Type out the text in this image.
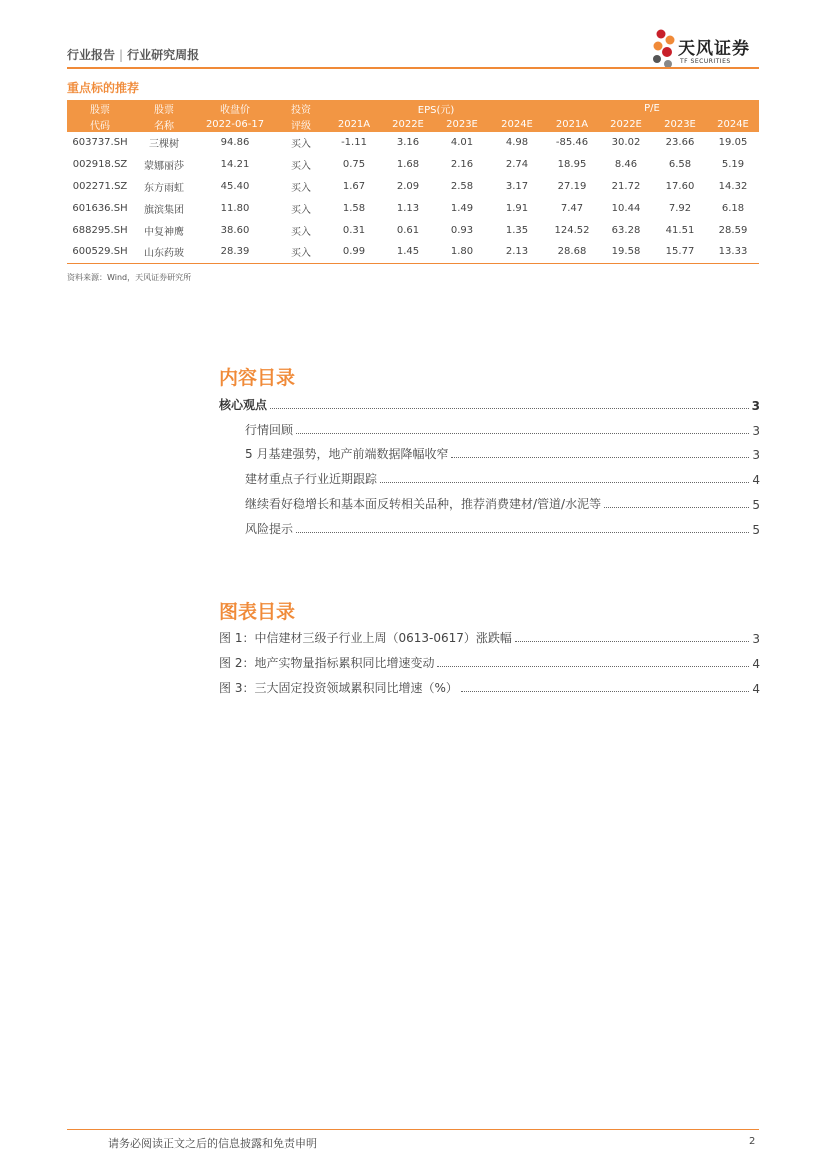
行业报告 | 行业研究周报	天风证券
TF SECURITIES
重点标的推荐
股票	股票	收盘价	投资	EPS(元)				P/E			
代码	名称	2022-06-17	评级	2021A	2022E	2023E	2024E	2021A	2022E	2023E	2024E
603737.SH	三棵树	94.86	买入	-1.11	3.16	4.01	4.98	-85.46	30.02	23.66	19.05
002918.SZ	蒙娜丽莎	14.21	买入	0.75	1.68	2.16	2.74	18.95	8.46	6.58	5.19
002271.SZ	东方雨虹	45.40	买入	1.67	2.09	2.58	3.17	27.19	21.72	17.60	14.32
601636.SH	旗滨集团	11.80	买入	1.58	1.13	1.49	1.91	7.47	10.44	7.92	6.18
688295.SH	中复神鹰	38.60	买入	0.31	0.61	0.93	1.35	124.52	63.28	41.51	28.59
600529.SH	山东药玻	28.39	买入	0.99	1.45	1.80	2.13	28.68	19.58	15.77	13.33
资料来源：Wind，天风证券研究所
内容目录
核心观点	3
行情回顾	3
5 月基建强势，地产前端数据降幅收窄	3
建材重点子行业近期跟踪	4
继续看好稳增长和基本面反转相关品种，推荐消费建材/管道/水泥等	5
风险提示	5
图表目录
图 1：中信建材三级子行业上周（0613-0617）涨跌幅	3
图 2：地产实物量指标累积同比增速变动	4
图 3：三大固定投资领域累积同比增速（%）	4
请务必阅读正文之后的信息披露和免责申明	2
